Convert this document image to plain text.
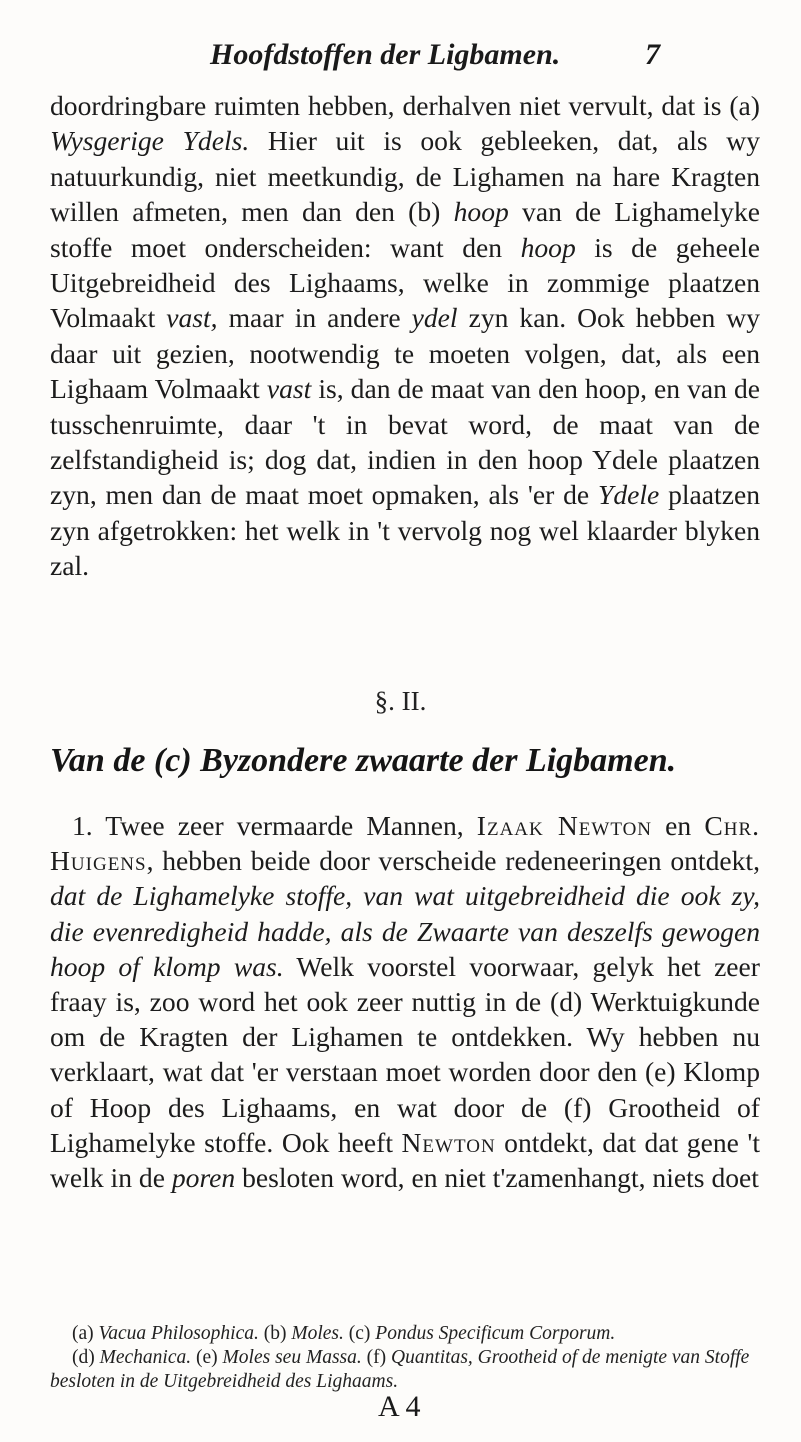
Hoofdstoffen der Ligbamen.	7

doordringbare ruimten hebben, derhalven niet vervult, dat is (a) Wysgerige Ydels. Hier uit is ook gebleeken, dat, als wy natuurkundig, niet meetkundig, de Lighamen na hare Kragten willen afmeten, men dan den (b) hoop van de Lighamelyke stoffe moet onderscheiden: want den hoop is de geheele Uitgebreidheid des Lighaams, welke in zommige plaatzen Volmaakt vast, maar in andere ydel zyn kan. Ook hebben wy daar uit gezien, nootwendig te moeten volgen, dat, als een Lighaam Volmaakt vast is, dan de maat van den hoop, en van de tusschenruimte, daar 't in bevat word, de maat van de zelfstandigheid is; dog dat, indien in den hoop Ydele plaatzen zyn, men dan de maat moet opmaken, als 'er de Ydele plaatzen zyn afgetrokken: het welk in 't vervolg nog wel klaarder blyken zal.

§. II.
Van de (c) Byzondere zwaarte der Ligbamen.

1. Twee zeer vermaarde Mannen, Izaak Newton en Chr. Huigens, hebben beide door verscheide redeneeringen ontdekt, dat de Lighamelyke stoffe, van wat uitgebreidheid die ook zy, die evenredigheid hadde, als de Zwaarte van deszelfs gewogen hoop of klomp was. Welk voorstel voorwaar, gelyk het zeer fraay is, zoo word het ook zeer nuttig in de (d) Werktuigkunde om de Kragten der Lighamen te ontdekken. Wy hebben nu verklaart, wat dat 'er verstaan moet worden door den (e) Klomp of Hoop des Lighaams, en wat door de (f) Grootheid of Lighamelyke stoffe. Ook heeft Newton ontdekt, dat dat gene 't welk in de poren besloten word, en niet t'zamenhangt, niets doet

(a) Vacua Philosophica. (b) Moles. (c) Pondus Specificum Corporum.

(d) Mechanica. (e) Moles seu Massa. (f) Quantitas, Grootheid of de menigte van Stoffe besloten in de Uitgebreidheid des Lighaams.

A 4
